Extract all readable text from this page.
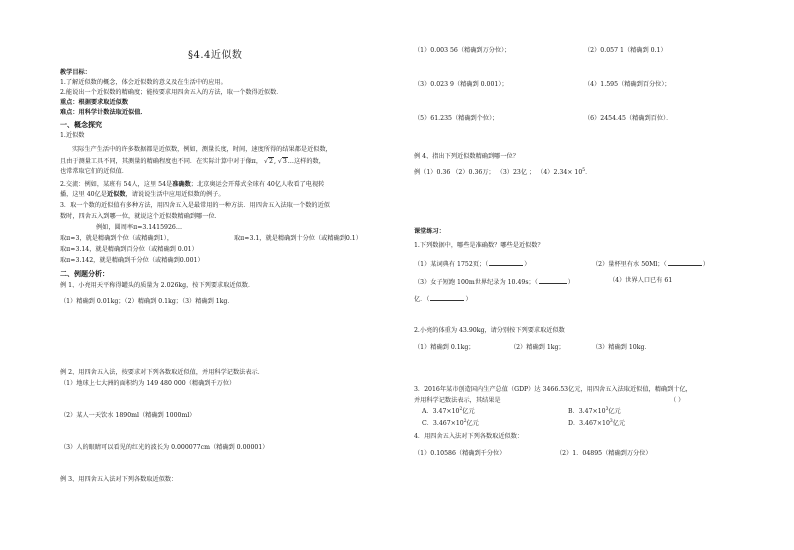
§4.4近似数
教学目标：
1.了解近似数的概念，体会近似数的意义及在生活中的应用。
2.能说出一个近似数的精确度；能按要求用四舍五入的方法，取一个数得近似数．
重点：根据要求取近似数
难点：用科学计数法取近似值．
一、概念探究
1.近似数
实际生产生活中的许多数据都是近似数，例如，测量长度，时间，速度所得的结果都是近似数，
且由于测量工具不同，其测量的精确程度也不同．在实际计算中对于像π， √2, √3…这样的数，
也常常取它们的近似值．
2.交流：例如，某班有 54人，这里 54是准确数；北京奥运会开幕式全球有 40亿人收看了电视转
播，这里 40亿是近似数，请说说生活中应用近似数的例子。
3．取一个数的近似值有多种方法，用四舍五入是最常用的一种方法．用四舍五入法取一个数的近似
数时，四舍五入到哪一位，就说这个近似数精确到哪一位．
例如，圆周率π=3.1415926…
取π≈3，就是精确到个位（或精确到1），	取π≈3.1，就是精确到十分位（或精确到0.1）
取π≈3.14，就是精确到百分位（或精确到 0.01）
取π≈3.142，就是精确到千分位（或精确到0.001）
二、例题分析：
例 1、小亮用天平称得罐头的质量为 2.026kg，按下列要求取近似数．
（1）精确到 0.01kg；（2）精确到 0.1kg；（3）精确到 1kg．
例 2、用四舍五入法，按要求对下列各数取近似值，并用科学记数法表示．
（1）地球上七大洲的面积约为 149 480 000（精确到千万位）
（2）某人一天饮水 1890ml（精确到 1000ml）
（3）人的眼睛可以看见的红光的波长为 0.000077cm（精确到 0.00001）
例 3、用四舍五入法对下列各数取近似数：
（1）0.003 56（精确到万分位）；	（2）0.057 1（精确到 0.1）
（3）0.023 9（精确到 0.001）；	（4）1.595（精确到百分位）；
（5）61.235（精确到个位）；	（6）2454.45（精确到百位）．
例 4、指出下列近似数精确到哪一位？
例（1）0.36 （2）0.36万； （3）23亿 ； $(4)2.34\times 10^5$．
课堂练习：
1.下列数据中，哪些是准确数？哪些是近似数？
（1）某词典有 1752页；（	）	（2）量杯里有水 50Ml；（	）
（3）女子短跑 100m世界纪录为 10.49s；（	）	（4）世界人口已有 61
亿．（	）
2.小亮的体重为 43.90kg，请分别按下列要求取近似数
（1）精确到 0.1kg；	（2）精确到 1kg；	（3）精确到 10kg．
3．2016年某市创造国内生产总值（GDP）达 3466.53亿元，用四舍五入法取近似值，精确到十亿，
并用科学记数法表示，其结果是	（ ）
A．$3.47\times 10^2$亿元	B．$3.47\times 10^3$亿元
C．$3.467\times 10^2$亿元	D．$3.467\times 10^3$亿元
4．用四舍五入法对下列各数取近似数：
（1）0.10586（精确到千分位）	（2）1．04895（精确到万分位）
